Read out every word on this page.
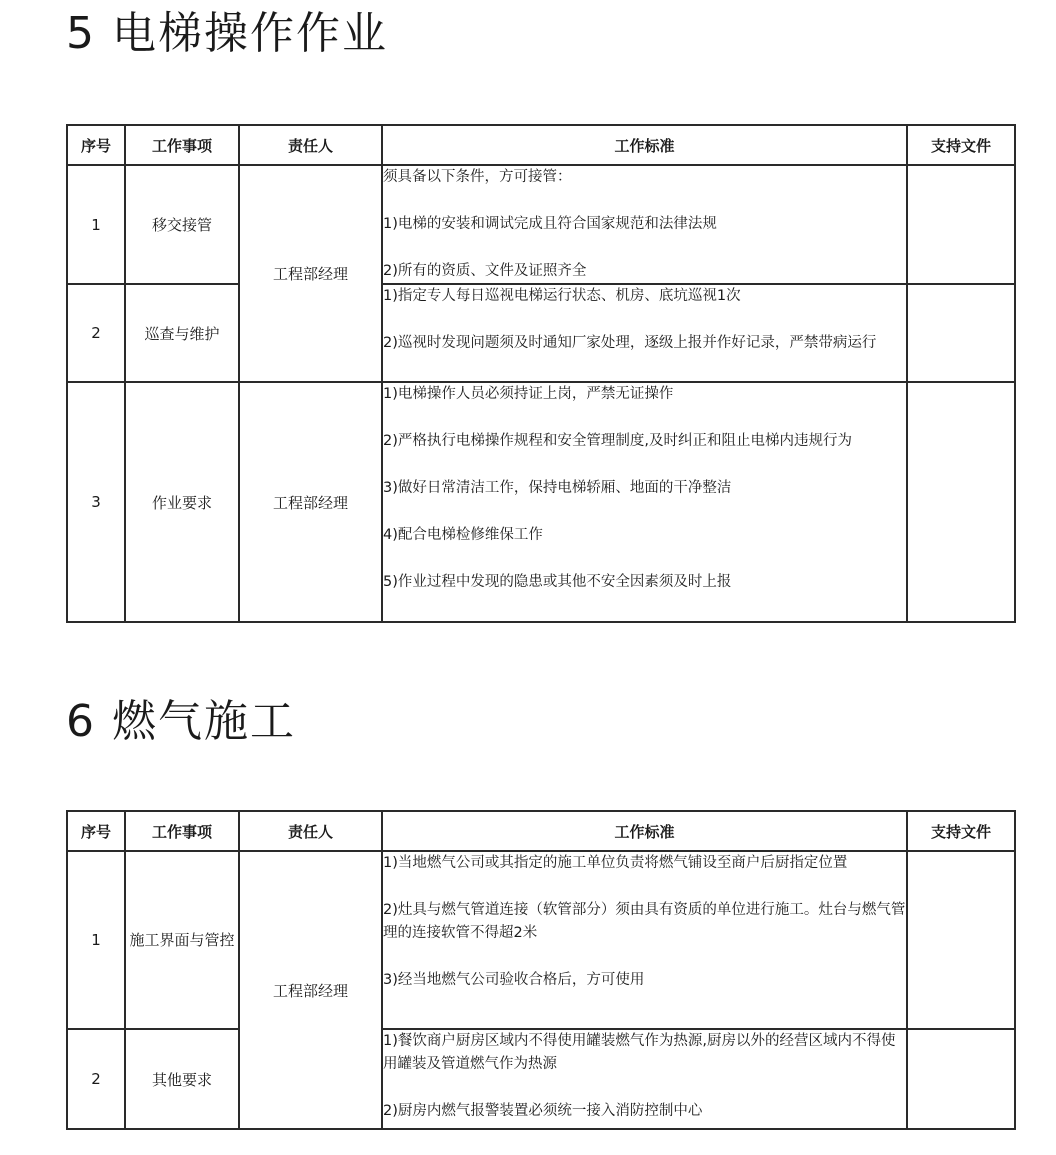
5 电梯操作作业
序号	工作事项	责任人	工作标准	支持文件
1	移交接管	工程部经理	须具备以下条件，方可接管：

1)电梯的安装和调试完成且符合国家规范和法律法规

2)所有的资质、文件及证照齐全	

2	巡查与维护		1)指定专人每日巡视电梯运行状态、机房、底坑巡视1次

2)巡视时发现问题须及时通知厂家处理，逐级上报并作好记录，严禁带病运行	

3	作业要求	工程部经理	1)电梯操作人员必须持证上岗，严禁无证操作

2)严格执行电梯操作规程和安全管理制度,及时纠正和阻止电梯内违规行为

3)做好日常清洁工作，保持电梯轿厢、地面的干净整洁

4)配合电梯检修维保工作

5)作业过程中发现的隐患或其他不安全因素须及时上报	

6 燃气施工
序号	工作事项	责任人	工作标准	支持文件
1	施工界面与管控	工程部经理	1)当地燃气公司或其指定的施工单位负责将燃气铺设至商户后厨指定位置

2)灶具与燃气管道连接（软管部分）须由具有资质的单位进行施工。灶台与燃气管理的连接软管不得超2米

3)经当地燃气公司验收合格后，方可使用	

2	其他要求		1)餐饮商户厨房区域内不得使用罐装燃气作为热源,厨房以外的经营区域内不得使用罐装及管道燃气作为热源

2)厨房内燃气报警装置必须统一接入消防控制中心	
